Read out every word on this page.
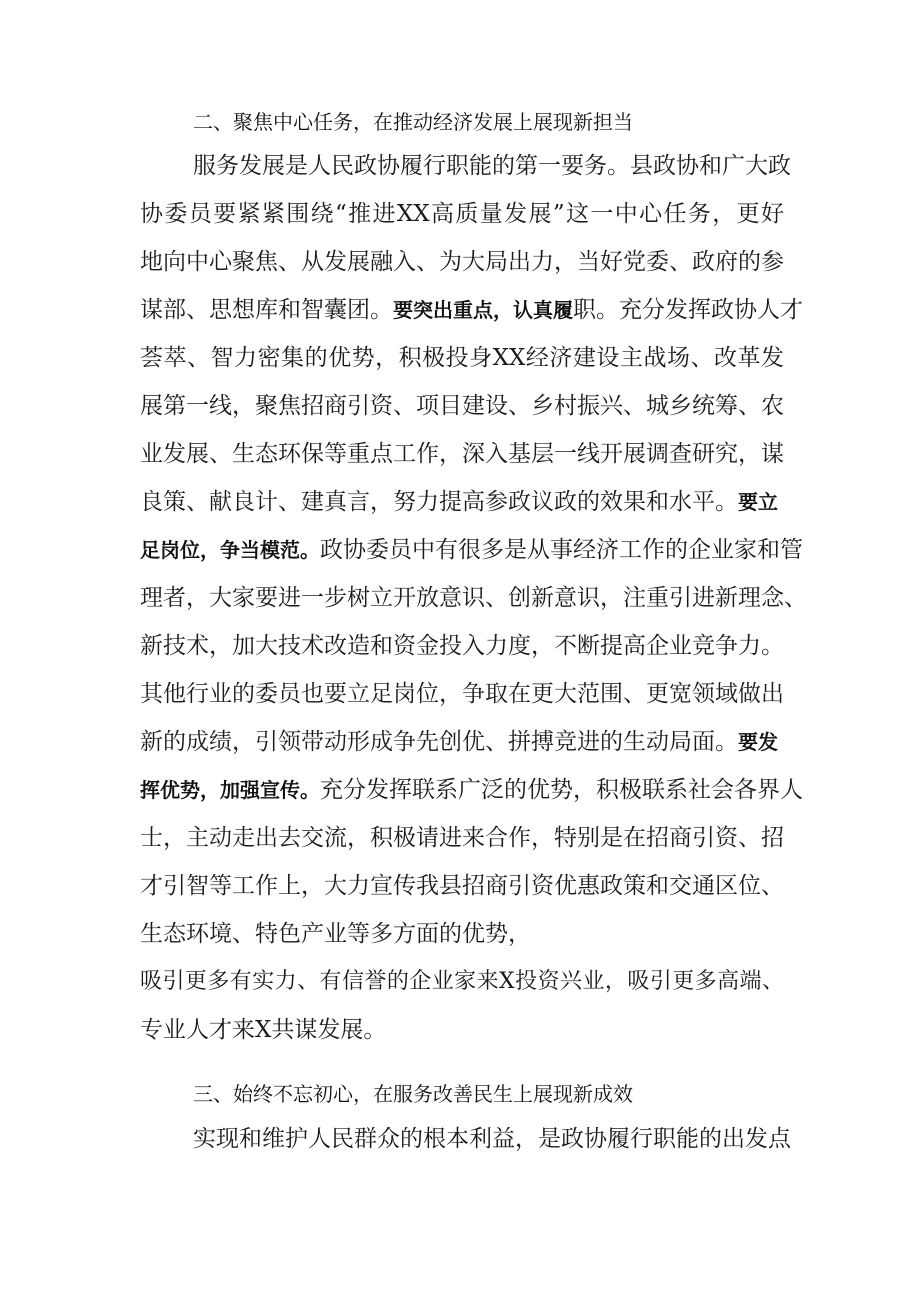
二、聚焦中心任务，在推动经济发展上展现新担当
服务发展是人民政协履行职能的第一要务。县政协和广大政
协委员要紧紧围绕“推进XX高质量发展”这一中心任务，更好
地向中心聚焦、从发展融入、为大局出力，当好党委、政府的参
谋部、思想库和智囊团。要突出重点，认真履职。充分发挥政协人才
荟萃、智力密集的优势，积极投身XX经济建设主战场、改革发
展第一线，聚焦招商引资、项目建设、乡村振兴、城乡统筹、农
业发展、生态环保等重点工作，深入基层一线开展调查研究，谋
良策、献良计、建真言，努力提高参政议政的效果和水平。要立
足岗位，争当模范。政协委员中有很多是从事经济工作的企业家和管
理者，大家要进一步树立开放意识、创新意识，注重引进新理念、
新技术，加大技术改造和资金投入力度，不断提高企业竞争力。
其他行业的委员也要立足岗位，争取在更大范围、更宽领域做出
新的成绩，引领带动形成争先创优、拼搏竞进的生动局面。要发
挥优势，加强宣传。充分发挥联系广泛的优势，积极联系社会各界人
士，主动走出去交流，积极请进来合作，特别是在招商引资、招
才引智等工作上，大力宣传我县招商引资优惠政策和交通区位、
生态环境、特色产业等多方面的优势，
吸引更多有实力、有信誉的企业家来X投资兴业，吸引更多高端、
专业人才来X共谋发展。
三、始终不忘初心，在服务改善民生上展现新成效
实现和维护人民群众的根本利益，是政协履行职能的出发点
